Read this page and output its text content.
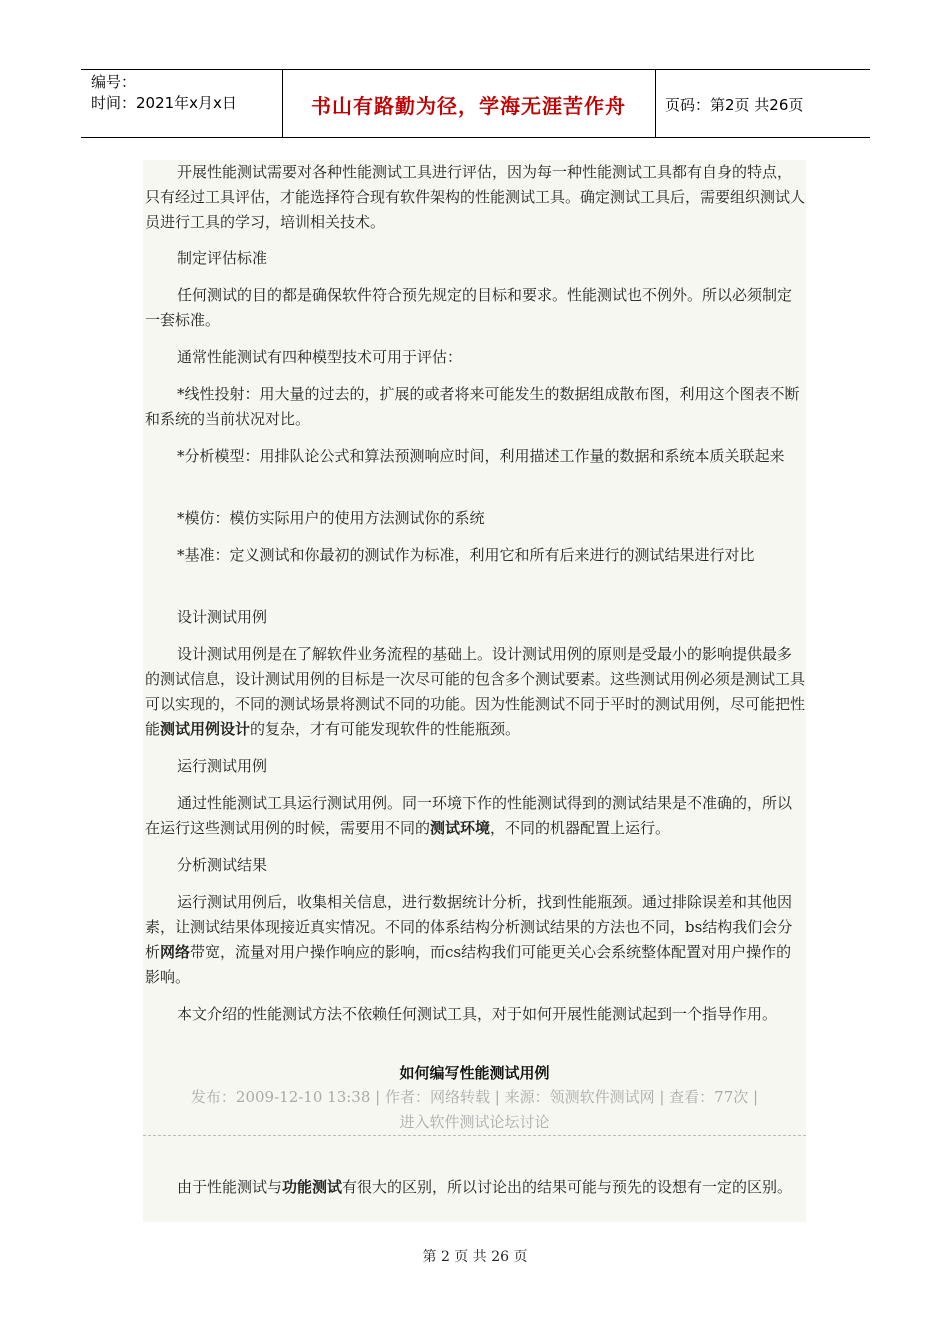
编号：
时间：2021年x月x日	书山有路勤为径，学海无涯苦作舟	页码：第2页 共26页

开展性能测试需要对各种性能测试工具进行评估，因为每一种性能测试工具都有自身的特点，只有经过工具评估，才能选择符合现有软件架构的性能测试工具。确定测试工具后，需要组织测试人员进行工具的学习，培训相关技术。

制定评估标准

任何测试的目的都是确保软件符合预先规定的目标和要求。性能测试也不例外。所以必须制定一套标准。

通常性能测试有四种模型技术可用于评估：

*线性投射：用大量的过去的，扩展的或者将来可能发生的数据组成散布图，利用这个图表不断和系统的当前状况对比。

*分析模型：用排队论公式和算法预测响应时间，利用描述工作量的数据和系统本质关联起来

*模仿：模仿实际用户的使用方法测试你的系统

*基准：定义测试和你最初的测试作为标准，利用它和所有后来进行的测试结果进行对比

设计测试用例

设计测试用例是在了解软件业务流程的基础上。设计测试用例的原则是受最小的影响提供最多的测试信息，设计测试用例的目标是一次尽可能的包含多个测试要素。这些测试用例必须是测试工具可以实现的，不同的测试场景将测试不同的功能。因为性能测试不同于平时的测试用例，尽可能把性能测试用例设计的复杂，才有可能发现软件的性能瓶颈。

运行测试用例

通过性能测试工具运行测试用例。同一环境下作的性能测试得到的测试结果是不准确的，所以在运行这些测试用例的时候，需要用不同的测试环境，不同的机器配置上运行。

分析测试结果

运行测试用例后，收集相关信息，进行数据统计分析，找到性能瓶颈。通过排除误差和其他因素，让测试结果体现接近真实情况。不同的体系结构分析测试结果的方法也不同，bs结构我们会分析网络带宽，流量对用户操作响应的影响，而cs结构我们可能更关心会系统整体配置对用户操作的影响。

本文介绍的性能测试方法不依赖任何测试工具，对于如何开展性能测试起到一个指导作用。

如何编写性能测试用例
发布：2009-12-10 13:38 | 作者：网络转载 | 来源：领测软件测试网 | 查看：77次 |
进入软件测试论坛讨论

由于性能测试与功能测试有很大的区别，所以讨论出的结果可能与预先的设想有一定的区别。

第 2 页 共 26 页
